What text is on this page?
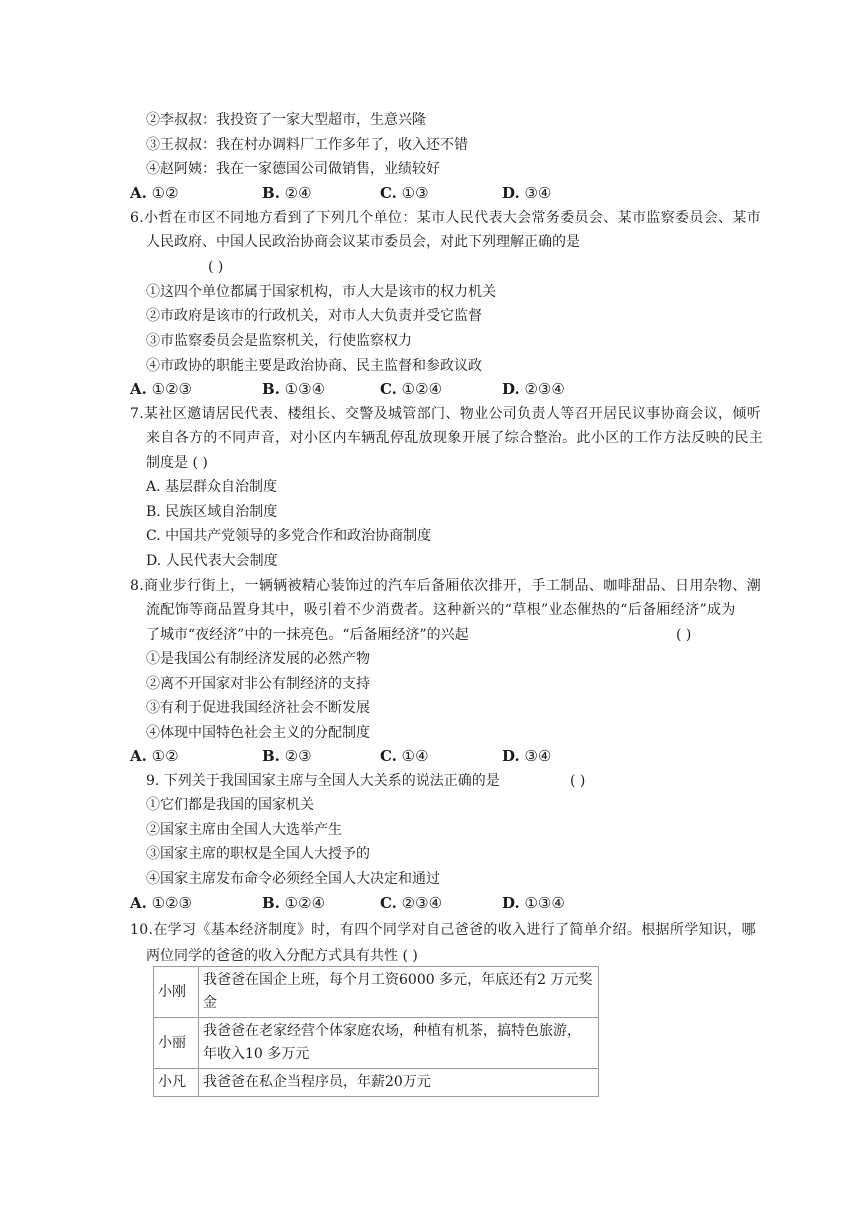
②李叔叔：我投资了一家大型超市，生意兴隆
③王叔叔：我在村办调料厂工作多年了，收入还不错
④赵阿姨：我在一家德国公司做销售，业绩较好
A. ①②	B. ②④	C. ①③	D. ③④
6.小哲在市区不同地方看到了下列几个单位：某市人民代表大会常务委员会、某市监察委员会、某市
人民政府、中国人民政治协商会议某市委员会，对此下列理解正确的是
( )
①这四个单位都属于国家机构，市人大是该市的权力机关
②市政府是该市的行政机关，对市人大负责并受它监督
③市监察委员会是监察机关，行使监察权力
④市政协的职能主要是政治协商、民主监督和参政议政
A. ①②③	B. ①③④	C. ①②④	D. ②③④
7.某社区邀请居民代表、楼组长、交警及城管部门、物业公司负责人等召开居民议事协商会议，倾听
来自各方的不同声音，对小区内车辆乱停乱放现象开展了综合整治。此小区的工作方法反映的民主
制度是 ( )
A. 基层群众自治制度
B. 民族区域自治制度
C. 中国共产党领导的多党合作和政治协商制度
D. 人民代表大会制度
8.商业步行街上，一辆辆被精心装饰过的汽车后备厢依次排开，手工制品、咖啡甜品、日用杂物、潮
流配饰等商品置身其中，吸引着不少消费者。这种新兴的“草根”业态催热的“后备厢经济”成为
了城市“夜经济”中的一抹亮色。“后备厢经济”的兴起	( )
①是我国公有制经济发展的必然产物
②离不开国家对非公有制经济的支持
③有利于促进我国经济社会不断发展
④体现中国特色社会主义的分配制度
A. ①②	B. ②③	C. ①④	D. ③④
9. 下列关于我国国家主席与全国人大关系的说法正确的是	( )
①它们都是我国的国家机关
②国家主席由全国人大选举产生
③国家主席的职权是全国人大授予的
④国家主席发布命令必须经全国人大决定和通过
A. ①②③	B. ①②④	C. ②③④	D. ①③④
10.在学习《基本经济制度》时，有四个同学对自己爸爸的收入进行了简单介绍。根据所学知识，哪
两位同学的爸爸的收入分配方式具有共性 ( )
小刚	我爸爸在国企上班，每个月工资6000 多元，年底还有2 万元奖金
小丽	我爸爸在老家经营个体家庭农场，种植有机茶，搞特色旅游，年收入10 多万元
小凡	我爸爸在私企当程序员，年薪20万元
